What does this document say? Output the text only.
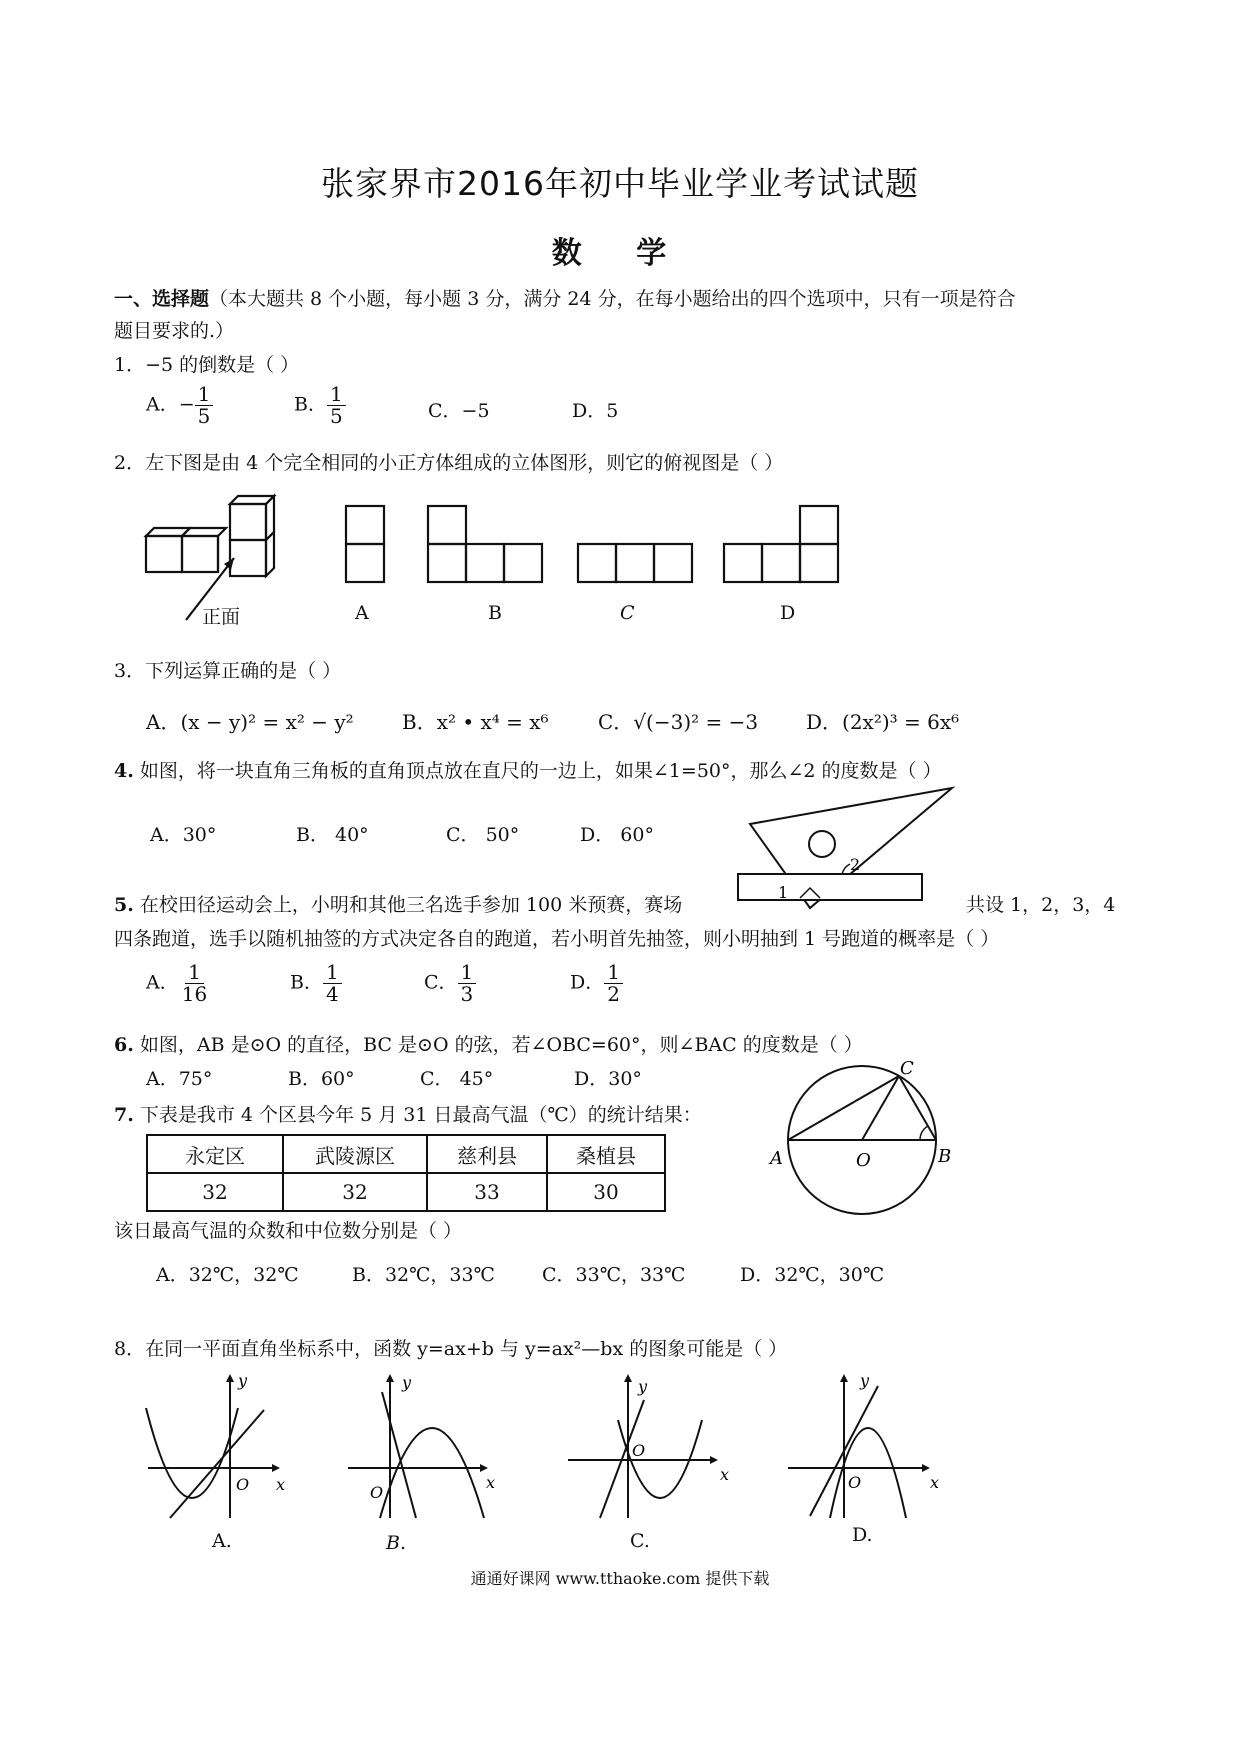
张家界市2016年初中毕业学业考试试题
数 学
一、选择题（本大题共 8 个小题，每小题 3 分，满分 24 分，在每小题给出的四个选项中，只有一项是符合
题目要求的.）
1．−5 的倒数是（ ）
A．− $\frac{1}{5}$	B． $\frac{1}{5}$	C．−5	D．5
2．左下图是由 4 个完全相同的小正方体组成的立体图形，则它的俯视图是（ ）
正面	A	B	C	D
3．下列运算正确的是（ ）
A．(x − y)² = x² − y² B．x² • x⁴ = x⁶ C．√(−3)² = −3 D．(2x²)³ = 6x⁶
4. 如图，将一块直角三角板的直角顶点放在直尺的一边上，如果∠1=50°，那么∠2 的度数是（ ）
A．30°	B． 40°	C． 50°	D． 60°
1
2
5. 在校田径运动会上，小明和其他三名选手参加 100 米预赛，赛场	共设 1，2，3，4
四条跑道，选手以随机抽签的方式决定各自的跑道，若小明首先抽签，则小明抽到 1 号跑道的概率是（ ）
A． $\frac{1}{16}$	B． $\frac{1}{4}$	C． $\frac{1}{3}$	D． $\frac{1}{2}$
6. 如图，AB 是⊙O 的直径，BC 是⊙O 的弦，若∠OBC=60°，则∠BAC 的度数是（ ）
A．75°	B．60°	C． 45°	D．30°
A	O	B
C
7. 下表是我市 4 个区县今年 5 月 31 日最高气温（℃）的统计结果：
永定区	武陵源区	慈利县	桑植县
32	32	33	30
该日最高气温的众数和中位数分别是（ ）
A．32℃，32℃	B．32℃，33℃ C．33℃，33℃	D．32℃，30℃
8．在同一平面直角坐标系中，函数 y=ax+b 与 y=ax²—bx 的图象可能是（ ）
O x
y
A.
O
x
y
B.
O
x
y
C.
O	x
y
D.
通通好课网 www.tthaoke.com 提供下载
